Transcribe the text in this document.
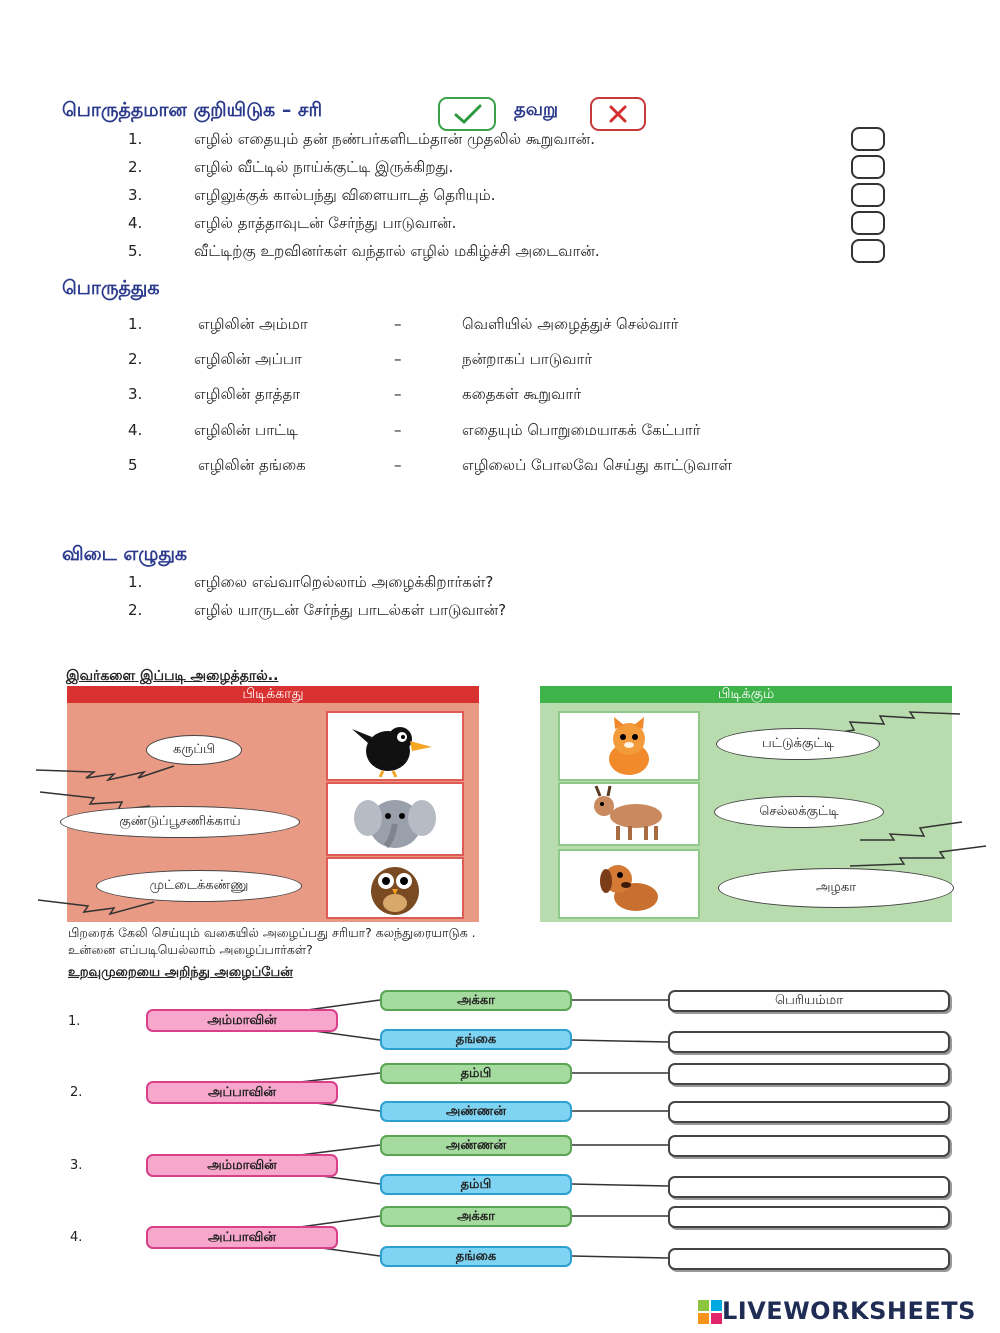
பொருத்தமான குறியிடுக – சரி	தவறு
1.	எழில் எதையும் தன் நண்பர்களிடம்தான் முதலில் கூறுவான்.
2.	எழில் வீட்டில் நாய்க்குட்டி இருக்கிறது.
3.	எழிலுக்குக் கால்பந்து விளையாடத் தெரியும்.
4.	எழில் தாத்தாவுடன் சேர்ந்து பாடுவான்.
5.	வீட்டிற்கு உறவினர்கள் வந்தால் எழில் மகிழ்ச்சி அடைவான்.
பொருத்துக
1.	எழிலின் அம்மா	–	வெளியில் அழைத்துச் செல்வார்
2.	எழிலின் அப்பா	–	நன்றாகப் பாடுவார்
3.	எழிலின் தாத்தா	–	கதைகள் கூறுவார்
4.	எழிலின் பாட்டி	–	எதையும் பொறுமையாகக் கேட்பார்
5	எழிலின் தங்கை	–	எழிலைப் போலவே செய்து காட்டுவாள்
விடை எழுதுக
1.	எழிலை எவ்வாறெல்லாம் அழைக்கிறார்கள்?
2.	எழில் யாருடன் சேர்ந்து பாடல்கள் பாடுவான்?
இவர்களை இப்படி அழைத்தால்..
பிடிக்காது
கருப்பி
குண்டுப்பூசணிக்காய்
முட்டைக்கண்ணு
பிடிக்கும்
பட்டுக்குட்டி
செல்லக்குட்டி
அழகா
பிறரைக் கேலி செய்யும் வகையில் அழைப்பது சரியா? கலந்துரையாடுக .
உன்னை எப்படியெல்லாம் அழைப்பார்கள்?
உறவுமுறையை அறிந்து அழைப்பேன்
1.	அம்மாவின்
அக்கா
தங்கை
பெரியம்மா
2.	அப்பாவின்
தம்பி
அண்ணன்
3.	அம்மாவின்
அண்ணன்
தம்பி
4.	அப்பாவின்
அக்கா
தங்கை
LIVEWORKSHEETS
